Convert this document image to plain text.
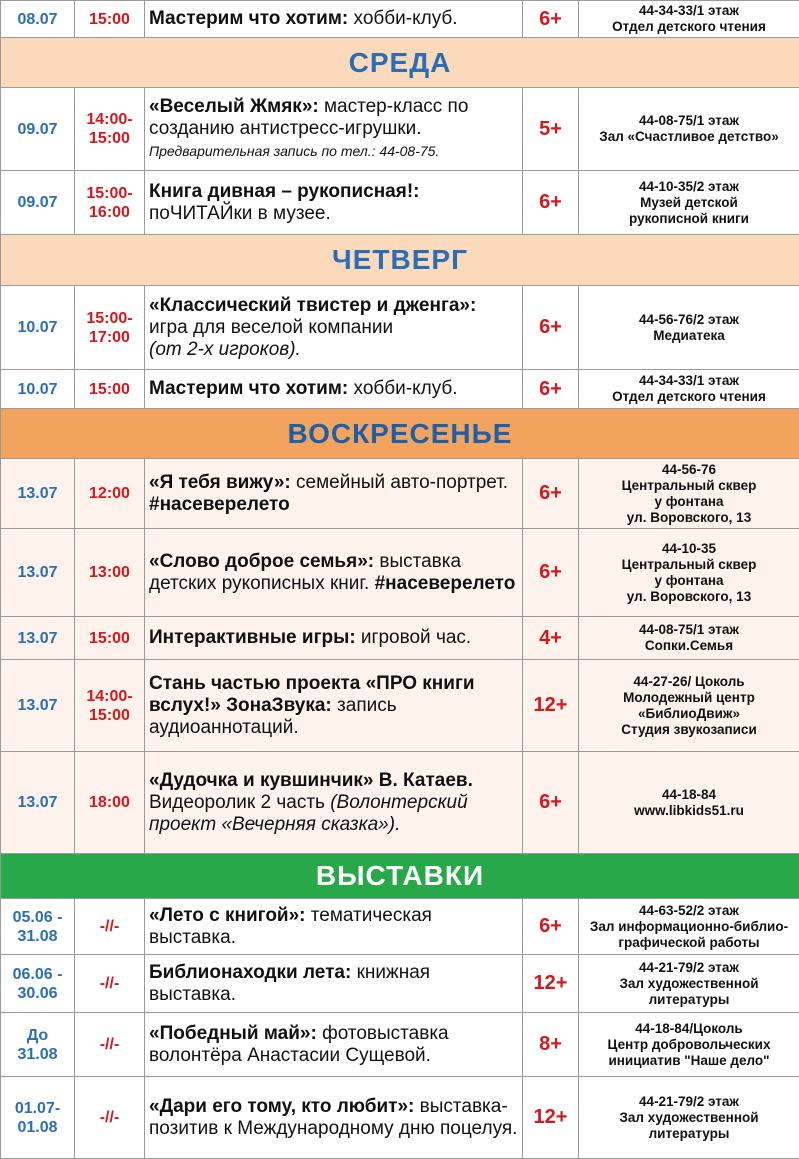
08.07	15:00	Мастерим что хотим: хобби-клуб.	6+	44-34-33/1 этаж
Отдел детского чтения

СРЕДА				
09.07	14:00-15:00	«Веселый Жмяк»: мастер-класс по созданию антистресс-игрушки.
Предварительная запись по тел.: 44-08-75.	5+	44-08-75/1 этаж
Зал «Счастливое детство»

09.07	15:00-16:00	Книга дивная – рукописная!: поЧИТАЙки в музее.	6+	44-10-35/2 этаж
Музей детской
рукописной книги

ЧЕТВЕРГ				
10.07	15:00-17:00	«Классический твистер и дженга»: игра для веселой компании
(от 2-х игроков).	6+	44-56-76/2 этаж
Медиатека

10.07	15:00	Мастерим что хотим: хобби-клуб.	6+	44-34-33/1 этаж
Отдел детского чтения

ВОСКРЕСЕНЬЕ				
13.07	12:00	«Я тебя вижу»: семейный авто-портрет. #насеверелето	6+	44-56-76
Центральный сквер
у фонтана
ул. Воровского, 13

13.07	13:00	«Слово доброе семья»: выставка детских рукописных книг. #насеверелето	6+	44-10-35
Центральный сквер
у фонтана
ул. Воровского, 13

13.07	15:00	Интерактивные игры: игровой час.	4+	44-08-75/1 этаж
Сопки.Семья

13.07	14:00-15:00	Стань частью проекта «ПРО книги вслух!» ЗонаЗвука: запись аудиоаннотаций.	12+	44-27-26/ Цоколь
Молодежный центр
«БиблиоДвиж»
Студия звукозаписи

13.07	18:00	«Дудочка и кувшинчик» В. Катаев. Видеоролик 2 часть (Волонтерский проект «Вечерняя сказка»).	6+	44-18-84
www.libkids51.ru

ВЫСТАВКИ				
05.06 - 31.08	-//-	«Лето с книгой»: тематическая выставка.	6+	44-63-52/2 этаж
Зал информационно-библио-
графической работы

06.06 - 30.06	-//-	Библионаходки лета: книжная выставка.	12+	44-21-79/2 этаж
Зал художественной
литературы

До 31.08	-//-	«Победный май»: фотовыставка волонтёра Анастасии Сущевой.	8+	44-18-84/Цоколь
Центр добровольческих
инициатив "Наше дело"

01.07-01.08	-//-	«Дари его тому, кто любит»: выставка-позитив к Международному дню поцелуя.	12+	44-21-79/2 этаж
Зал художественной
литературы
